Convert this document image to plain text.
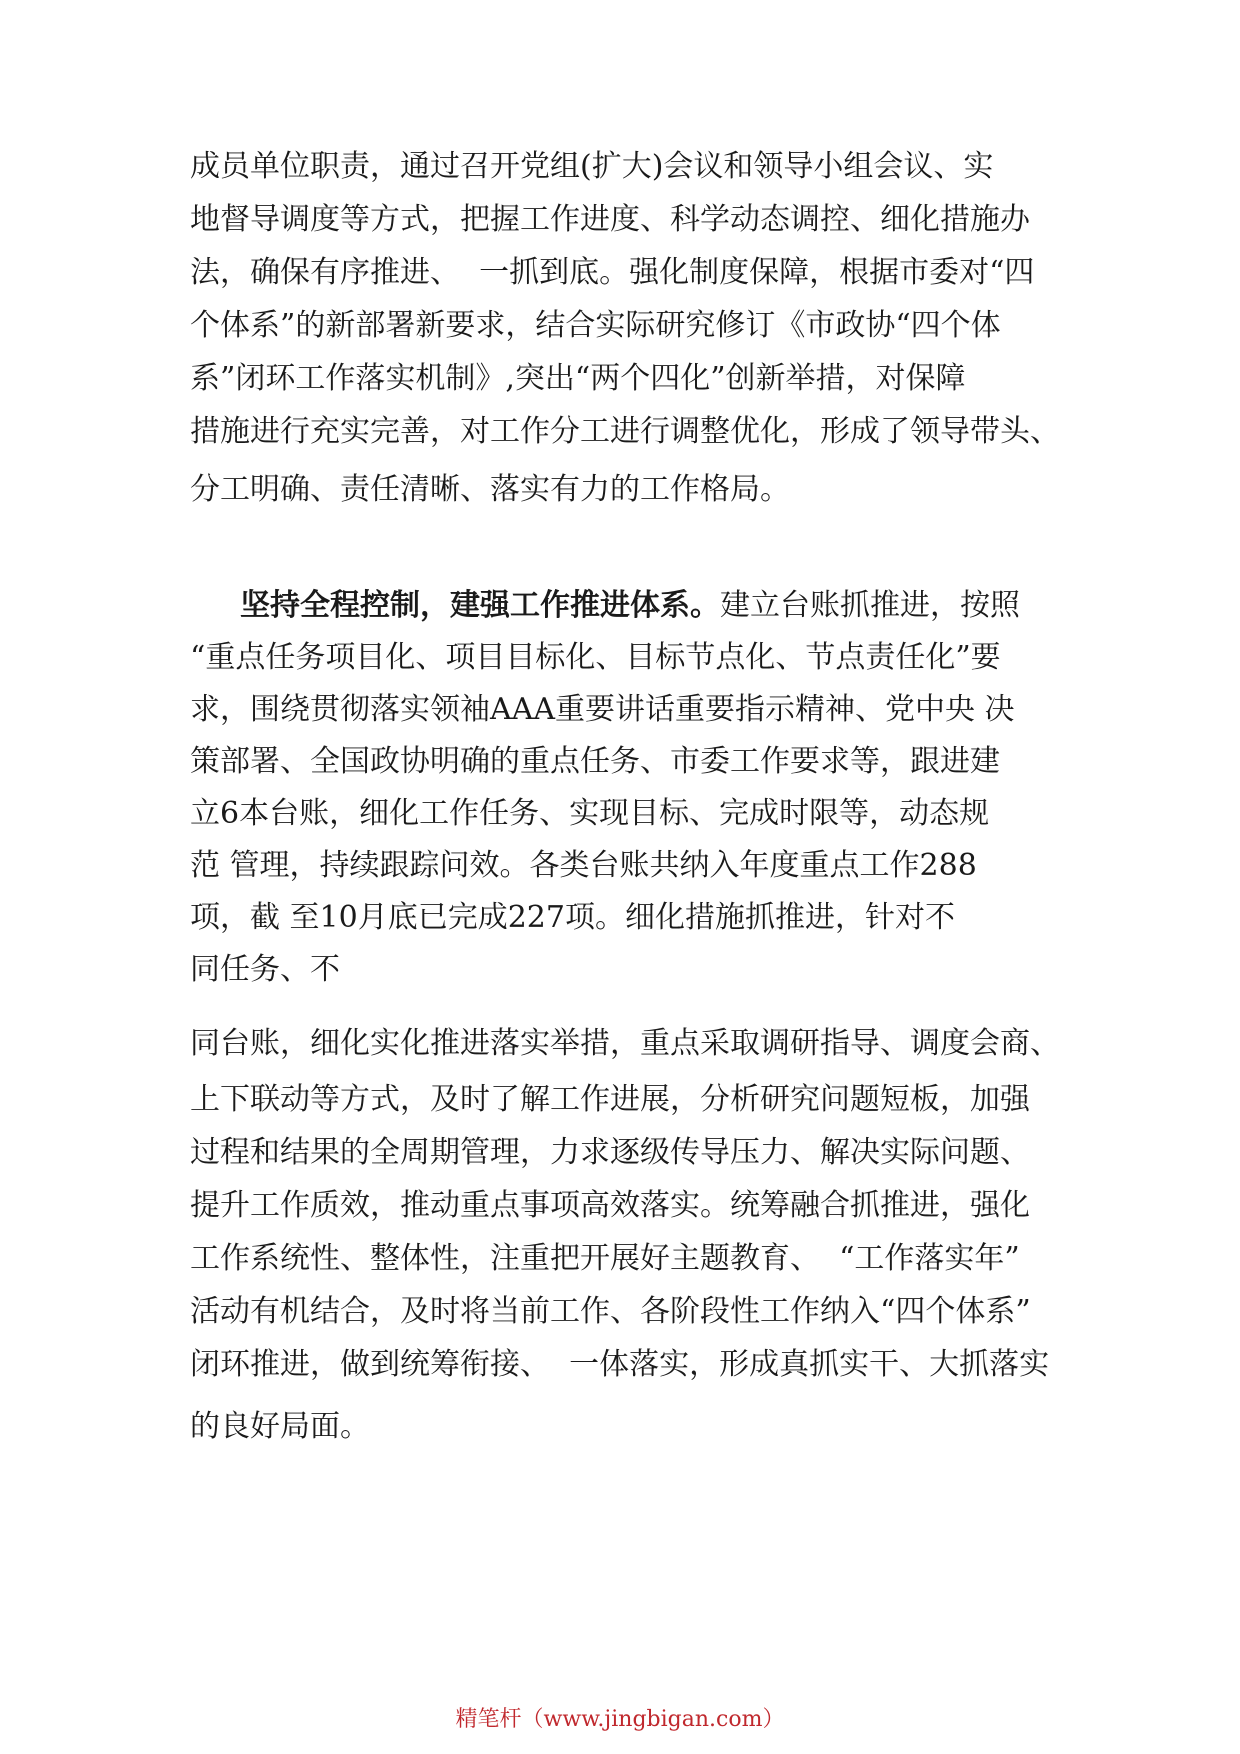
成员单位职责，通过召开党组(扩大)会议和领导小组会议、实

地督导调度等方式，把握工作进度、科学动态调控、细化措施办

法，确保有序推进、  一抓到底。强化制度保障，根据市委对“四

个体系”的新部署新要求，结合实际研究修订《市政协“四个体

系”闭环工作落实机制》,突出“两个四化”创新举措，对保障

措施进行充实完善，对工作分工进行调整优化，形成了领导带头、

分工明确、责任清晰、落实有力的工作格局。

坚持全程控制，建强工作推进体系。建立台账抓推进，按照

“重点任务项目化、项目目标化、目标节点化、节点责任化”要

求，围绕贯彻落实领袖AAA重要讲话重要指示精神、党中央 决

策部署、全国政协明确的重点任务、市委工作要求等，跟进建

立6本台账，细化工作任务、实现目标、完成时限等，动态规

范 管理，持续跟踪问效。各类台账共纳入年度重点工作288

项，截 至10月底已完成227项。细化措施抓推进，针对不

同任务、不

同台账，细化实化推进落实举措，重点采取调研指导、调度会商、

上下联动等方式，及时了解工作进展，分析研究问题短板，加强

过程和结果的全周期管理，力求逐级传导压力、解决实际问题、

提升工作质效，推动重点事项高效落实。统筹融合抓推进，强化

工作系统性、整体性，注重把开展好主题教育、  “工作落实年”

活动有机结合，及时将当前工作、各阶段性工作纳入“四个体系”

闭环推进，做到统筹衔接、  一体落实，形成真抓实干、大抓落实

的良好局面。

精笔杆（www.jingbigan.com）
